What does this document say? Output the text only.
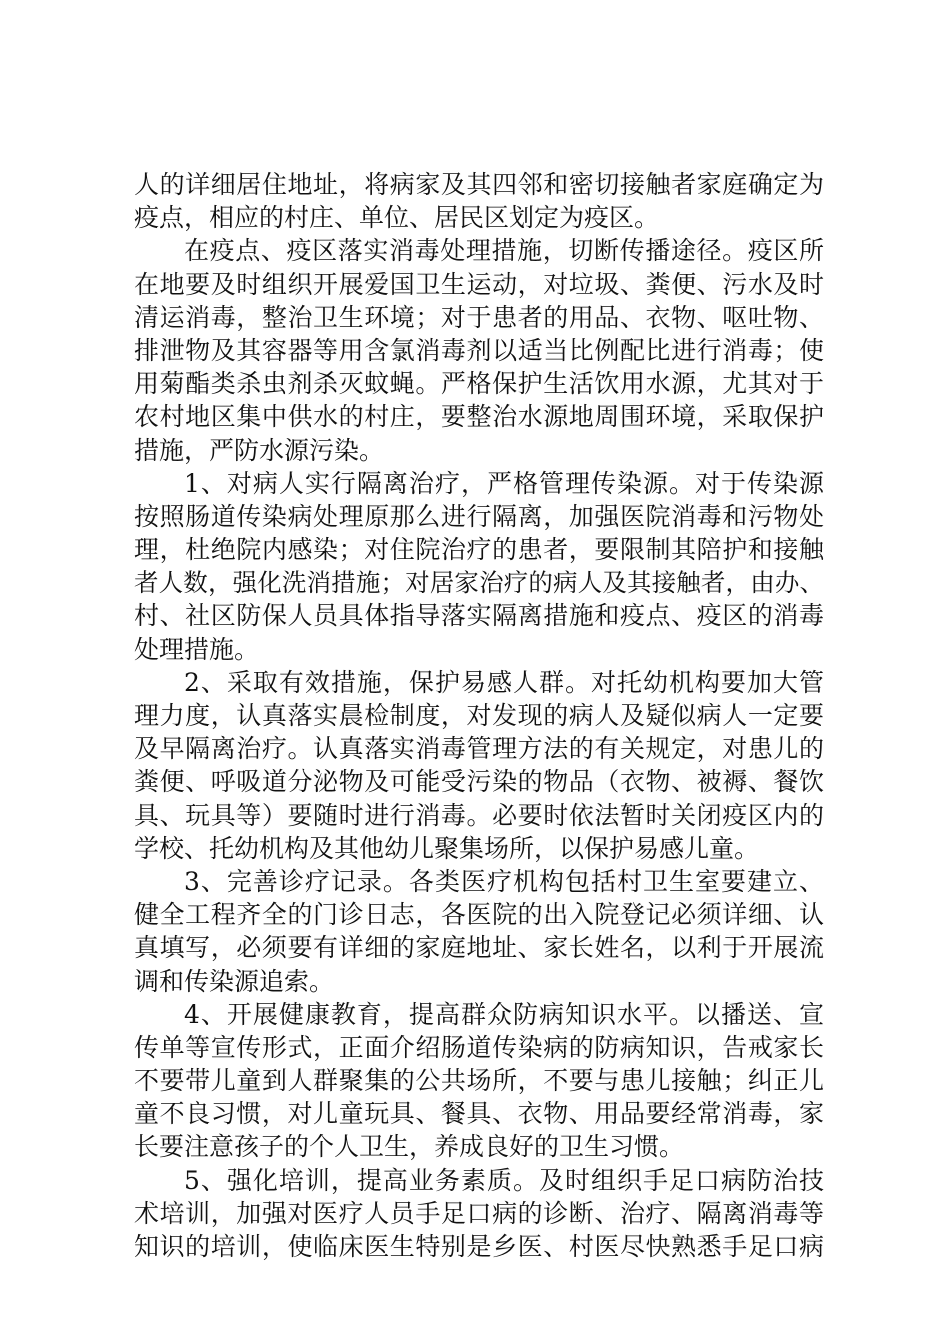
人的详细居住地址，将病家及其四邻和密切接触者家庭确定为
疫点，相应的村庄、单位、居民区划定为疫区。
在疫点、疫区落实消毒处理措施，切断传播途径。疫区所
在地要及时组织开展爱国卫生运动，对垃圾、粪便、污水及时
清运消毒，整治卫生环境；对于患者的用品、衣物、呕吐物、
排泄物及其容器等用含氯消毒剂以适当比例配比进行消毒；使
用菊酯类杀虫剂杀灭蚊蝇。严格保护生活饮用水源，尤其对于
农村地区集中供水的村庄，要整治水源地周围环境，采取保护
措施，严防水源污染。
1、对病人实行隔离治疗，严格管理传染源。对于传染源
按照肠道传染病处理原那么进行隔离，加强医院消毒和污物处
理，杜绝院内感染；对住院治疗的患者，要限制其陪护和接触
者人数，强化洗消措施；对居家治疗的病人及其接触者，由办、
村、社区防保人员具体指导落实隔离措施和疫点、疫区的消毒
处理措施。
2、采取有效措施，保护易感人群。对托幼机构要加大管
理力度，认真落实晨检制度，对发现的病人及疑似病人一定要
及早隔离治疗。认真落实消毒管理方法的有关规定，对患儿的
粪便、呼吸道分泌物及可能受污染的物品（衣物、被褥、餐饮
具、玩具等）要随时进行消毒。必要时依法暂时关闭疫区内的
学校、托幼机构及其他幼儿聚集场所，以保护易感儿童。
3、完善诊疗记录。各类医疗机构包括村卫生室要建立、
健全工程齐全的门诊日志，各医院的出入院登记必须详细、认
真填写，必须要有详细的家庭地址、家长姓名，以利于开展流
调和传染源追索。
4、开展健康教育，提高群众防病知识水平。以播送、宣
传单等宣传形式，正面介绍肠道传染病的防病知识，告戒家长
不要带儿童到人群聚集的公共场所，不要与患儿接触；纠正儿
童不良习惯，对儿童玩具、餐具、衣物、用品要经常消毒，家
长要注意孩子的个人卫生，养成良好的卫生习惯。
5、强化培训，提高业务素质。及时组织手足口病防治技
术培训，加强对医疗人员手足口病的诊断、治疗、隔离消毒等
知识的培训，使临床医生特别是乡医、村医尽快熟悉手足口病
